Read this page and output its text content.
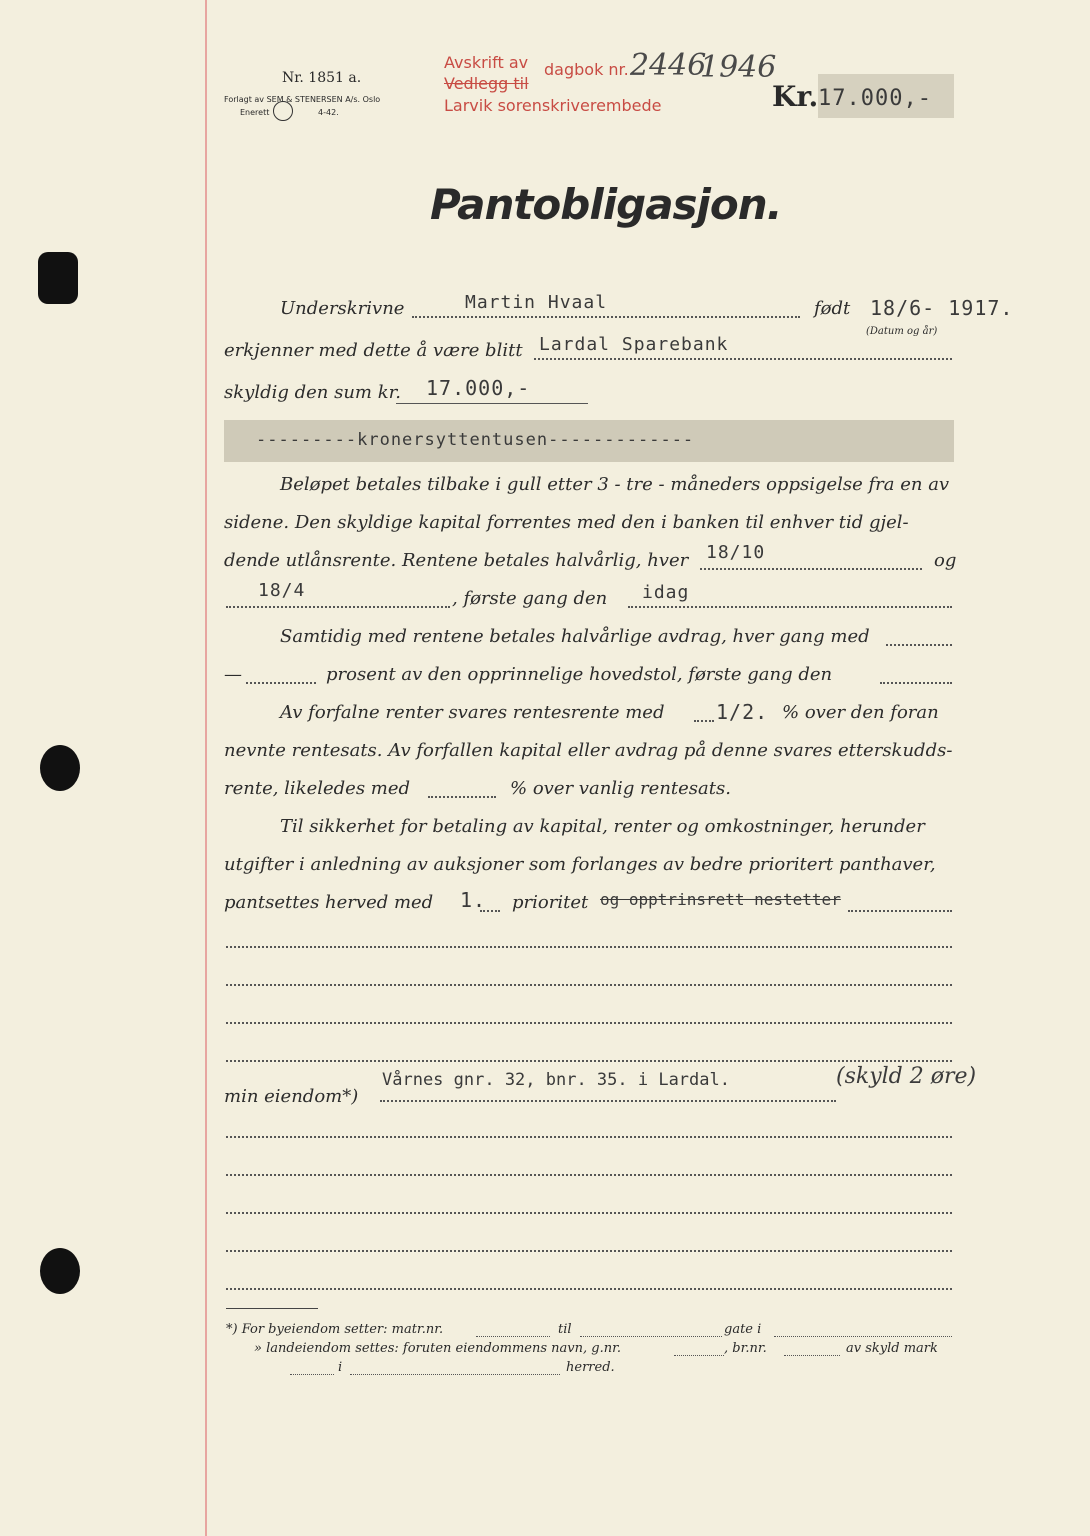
Nr. 1851 a.
Forlagt av SEM & STENERSEN A/s. Oslo
Enerett	4-42.
Avskrift av
Vedlegg til
dagbok nr. 2446
1946
Larvik sorenskriverembede	Kr. 17.000,-
Pantobligasjon.
Underskrivne	Martin Hvaal	født 18/6- 1917.
(Datum og år)
erkjenner med dette å være blitt Lardal Sparebank
skyldig den sum kr. 17.000,-
---------kronersyttentusen-------------
Beløpet betales tilbake i gull etter 3 - tre - måneders oppsigelse fra en av
sidene. Den skyldige kapital forrentes med den i banken til enhver tid gjel-
dende utlånsrente. Rentene betales halvårlig, hver 18/10	og
18/4	, første gang den idag
Samtidig med rentene betales halvårlige avdrag, hver gang med
—	prosent av den opprinnelige hovedstol, første gang den
Av forfalne renter svares rentesrente med	1/2. % over den foran
nevnte rentesats. Av forfallen kapital eller avdrag på denne svares etterskudds-
rente, likeledes med	% over vanlig rentesats.
Til sikkerhet for betaling av kapital, renter og omkostninger, herunder
utgifter i anledning av auksjoner som forlanges av bedre prioritert panthaver,
pantsettes herved med 1. prioritet og opptrinsrett nestetter
min eiendom*)
Vårnes gnr. 32, bnr. 35. i Lardal.	(skyld 2 øre)
*) For byeiendom setter: matr.nr.	til	gate i
» landeiendom settes: foruten eiendommens navn, g.nr.	, br.nr.	av skyld mark
i	herred.
